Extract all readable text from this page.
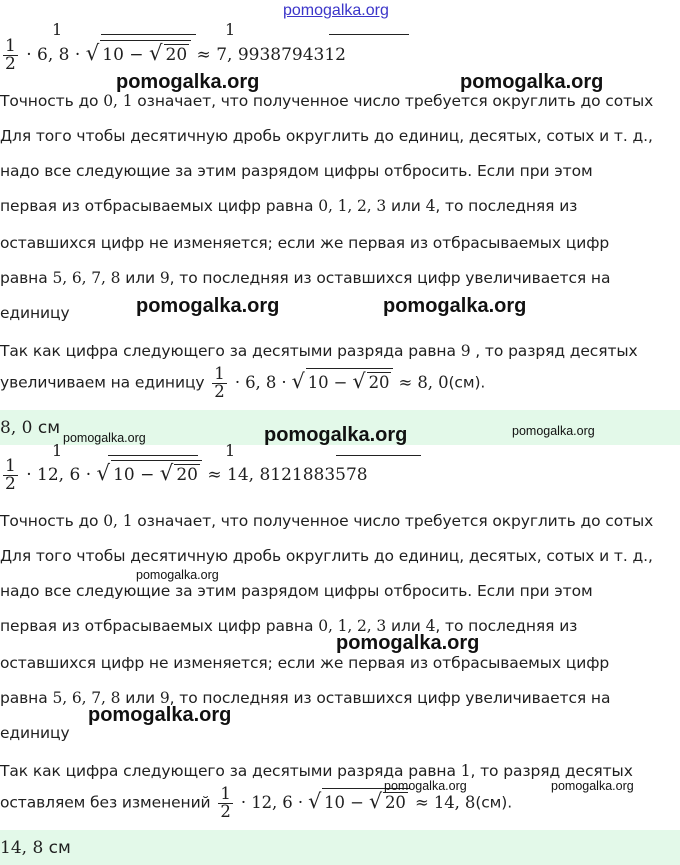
pomogalka.org
1	1
$\frac{1}{2} \cdot 6$, 8 · √ 10 − √ 20 ≈ 7, 9938794312
Точность до 0, 1 означает, что полученное число требуется округлить до сотых
Для того чтобы десятичную дробь округлить до единиц, десятых, сотых и т. д.,
надо все следующие за этим разрядом цифры отбросить. Если при этом
первая из отбрасываемых цифр равна 0, 1, 2, 3 или 4, то последняя из
оставшихся цифр не изменяется; если же первая из отбрасываемых цифр
равна 5, 6, 7, 8 или 9, то последняя из оставшихся цифр увеличивается на
единицу
Так как цифра следующего за десятыми разряда равна 9 , то разряд десятых
увеличиваем на единицу $\frac{1}{2} \cdot 6$, 8 · √ 10 − √ 20 ≈ 8, 0(см).
8, 0 см
1	1
$\frac{1}{2} \cdot 12$, 6 · √ 10 − √ 20 ≈ 14, 8121883578
Точность до 0, 1 означает, что полученное число требуется округлить до сотых
Для того чтобы десятичную дробь округлить до единиц, десятых, сотых и т. д.,
надо все следующие за этим разрядом цифры отбросить. Если при этом
первая из отбрасываемых цифр равна 0, 1, 2, 3 или 4, то последняя из
оставшихся цифр не изменяется; если же первая из отбрасываемых цифр
равна 5, 6, 7, 8 или 9, то последняя из оставшихся цифр увеличивается на
единицу
Так как цифра следующего за десятыми разряда равна 1, то разряд десятых
оставляем без изменений $\frac{1}{2} \cdot 12$, 6 · √ 10 − √ 20 ≈ 14, 8(см).
14, 8 см
pomogalka.org	pomogalka.org
pomogalka.org	pomogalka.org
pomogalka.org	pomogalka.org	pomogalka.org
pomogalka.org
pomogalka.org
pomogalka.org
pomogalka.org	pomogalka.org
